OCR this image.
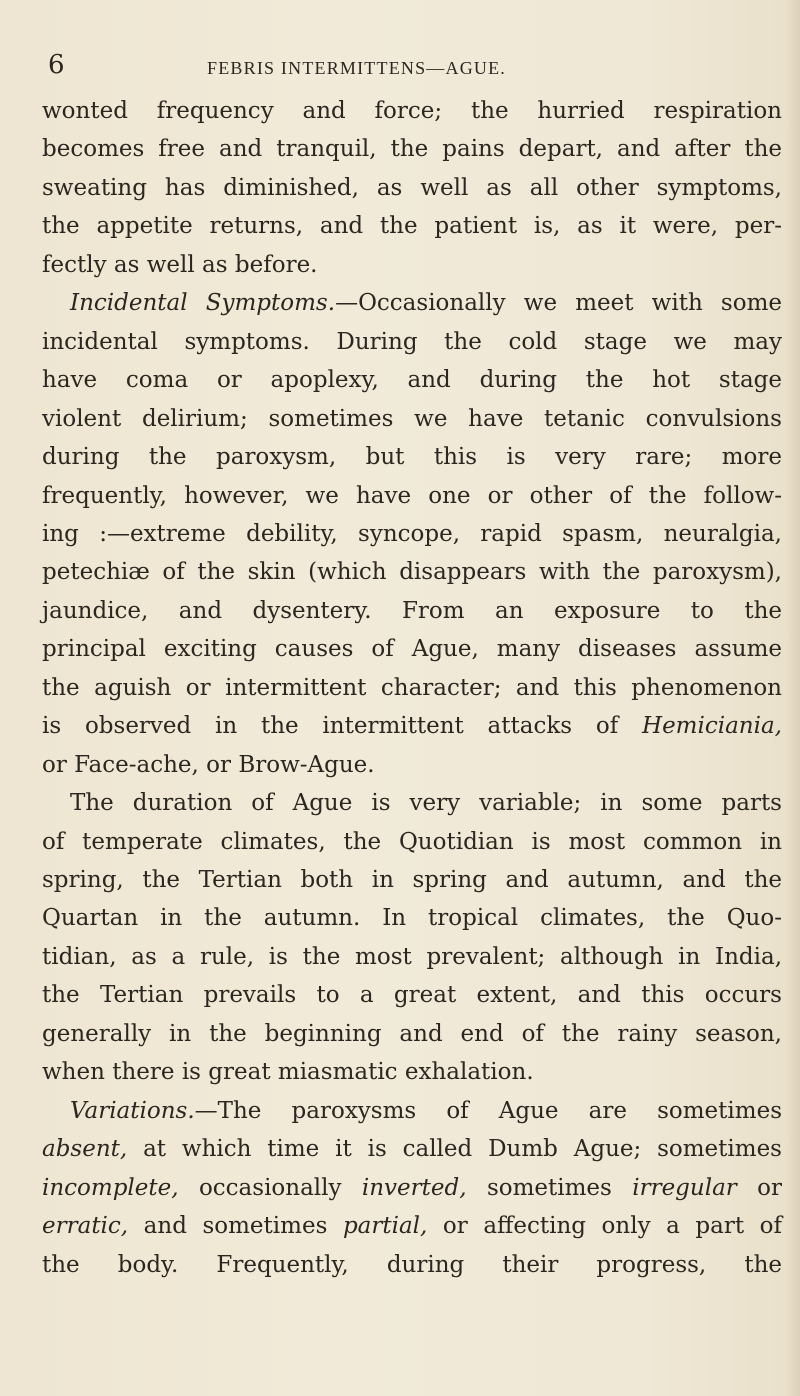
6	FEBRIS INTERMITTENS—AGUE.
wonted frequency and force; the hurried respiration
becomes free and tranquil, the pains depart, and after the
sweating has diminished, as well as all other symptoms,
the appetite returns, and the patient is, as it were, per-
fectly as well as before.
Incidental Symptoms.—Occasionally we meet with some
incidental symptoms. During the cold stage we may
have coma or apoplexy, and during the hot stage
violent delirium; sometimes we have tetanic convulsions
during the paroxysm, but this is very rare; more
frequently, however, we have one or other of the follow-
ing :—extreme debility, syncope, rapid spasm, neuralgia,
petechiæ of the skin (which disappears with the paroxysm),
jaundice, and dysentery. From an exposure to the
principal exciting causes of Ague, many diseases assume
the aguish or intermittent character; and this phenomenon
is observed in the intermittent attacks of Hemiciania,
or Face-ache, or Brow-Ague.
The duration of Ague is very variable; in some parts
of temperate climates, the Quotidian is most common in
spring, the Tertian both in spring and autumn, and the
Quartan in the autumn. In tropical climates, the Quo-
tidian, as a rule, is the most prevalent; although in India,
the Tertian prevails to a great extent, and this occurs
generally in the beginning and end of the rainy season,
when there is great miasmatic exhalation.
Variations.—The paroxysms of Ague are sometimes
absent, at which time it is called Dumb Ague; sometimes
incomplete, occasionally inverted, sometimes irregular or
erratic, and sometimes partial, or affecting only a part of
the body. Frequently, during their progress, the
